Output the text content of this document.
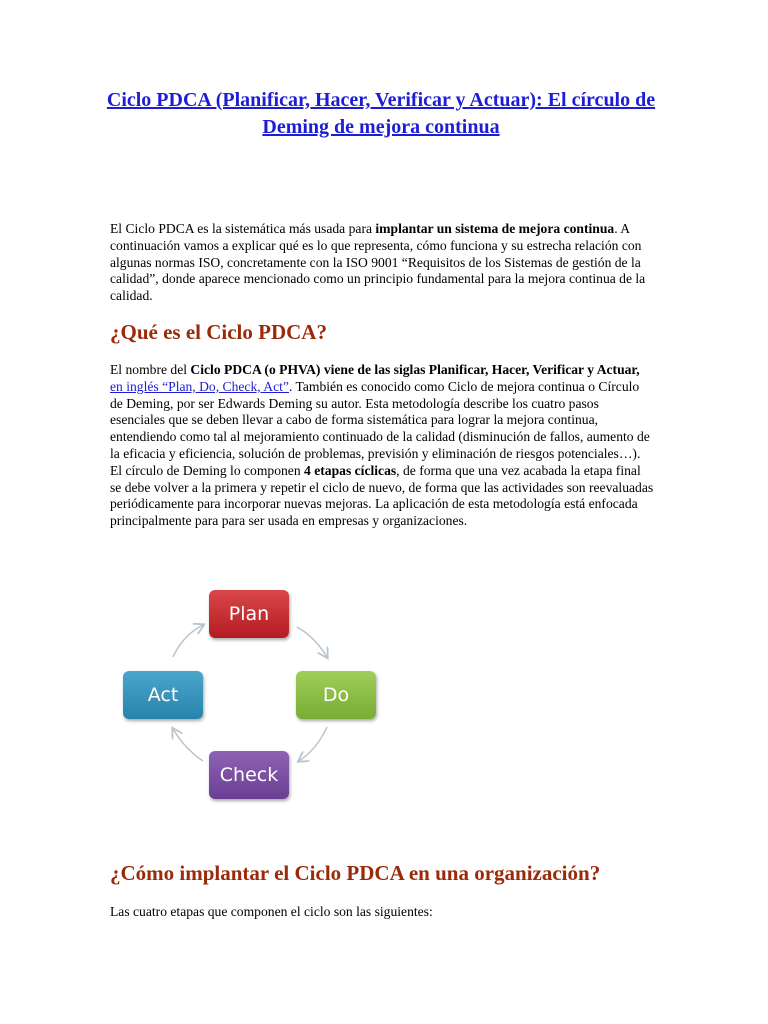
Ciclo PDCA (Planificar, Hacer, Verificar y Actuar): El círculo de Deming de mejora continua

El Ciclo PDCA es la sistemática más usada para implantar un sistema de mejora continua. A continuación vamos a explicar qué es lo que representa, cómo funciona y su estrecha relación con algunas normas ISO, concretamente con la ISO 9001 “Requisitos de los Sistemas de gestión de la calidad”, donde aparece mencionado como un principio fundamental para la mejora continua de la calidad.

¿Qué es el Ciclo PDCA?

El nombre del Ciclo PDCA (o PHVA) viene de las siglas Planificar, Hacer, Verificar y Actuar, en inglés “Plan, Do, Check, Act”. También es conocido como Ciclo de mejora continua o Círculo de Deming, por ser Edwards Deming su autor. Esta metodología describe los cuatro pasos esenciales que se deben llevar a cabo de forma sistemática para lograr la mejora continua, entendiendo como tal al mejoramiento continuado de la calidad (disminución de fallos, aumento de la eficacia y eficiencia, solución de problemas, previsión y eliminación de riesgos potenciales…). El círculo de Deming lo componen 4 etapas cíclicas, de forma que una vez acabada la etapa final se debe volver a la primera y repetir el ciclo de nuevo, de forma que las actividades son reevaluadas periódicamente para incorporar nuevas mejoras. La aplicación de esta metodología está enfocada principalmente para para ser usada en empresas y organizaciones.

Plan
Do
Check
Act
¿Cómo implantar el Ciclo PDCA en una organización?

Las cuatro etapas que componen el ciclo son las siguientes:
